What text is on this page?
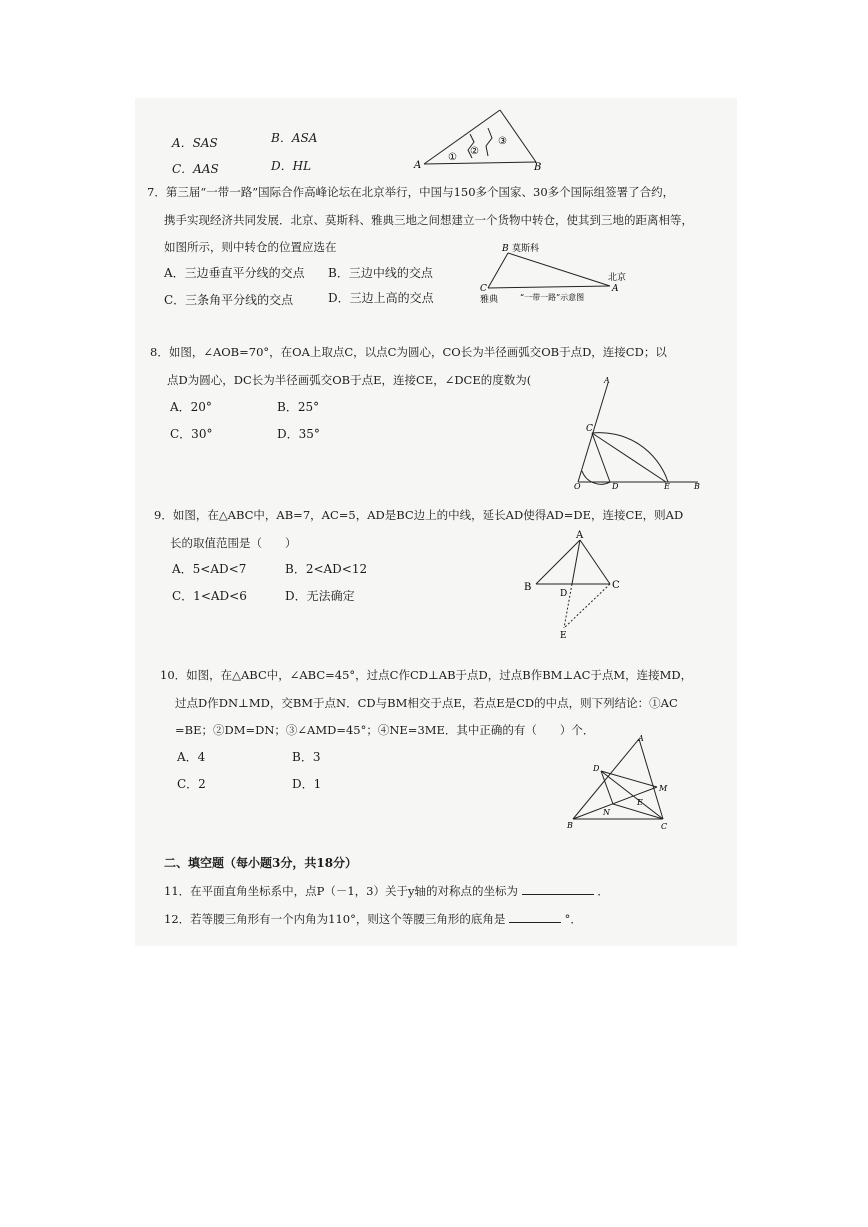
A．SAS	B．ASA
C．AAS	D．HL	A	B
①
②
③
7．第三届“一带一路”国际合作高峰论坛在北京举行，中国与150多个国家、30多个国际组签署了合约，
携手实现经济共同发展．北京、莫斯科、雅典三地之间想建立一个货物中转仓，使其到三地的距离相等，
如图所示，则中转仓的位置应选在
A．三边垂直平分线的交点 B．三边中线的交点
C．三条角平分线的交点	D．三边上高的交点
B 莫斯科
北京
A
C
雅典	“一带一路”示意图
8．如图，∠AOB=70°，在OA上取点C，以点C为圆心，CO长为半径画弧交OB于点D，连接CD；以
点D为圆心，DC长为半径画弧交OB于点E，连接CE，∠DCE的度数为(
A．20°	B．25°
C．30°	D．35°
A
C
O	D	E	B
9．如图，在△ABC中，AB=7，AC=5，AD是BC边上的中线，延长AD使得AD=DE，连接CE，则AD
长的取值范围是（　　）
A．5<AD<7	B．2<AD<12
C．1<AD<6	D．无法确定
A
B	C
D
E
10．如图，在△ABC中，∠ABC=45°，过点C作CD⊥AB于点D，过点B作BM⊥AC于点M，连接MD，
过点D作DN⊥MD，交BM于点N．CD与BM相交于点E，若点E是CD的中点，则下列结论：①AC
=BE；②DM=DN；③∠AMD=45°；④NE=3ME．其中正确的有（　　）个．
A．4	B．3
C．2	D．1
A
D
M
E
N
B	C
二、填空题（每小题3分，共18分）
11．在平面直角坐标系中，点P（－1，3）关于y轴的对称点的坐标为	．
12．若等腰三角形有一个内角为110°，则这个等腰三角形的底角是	°．
